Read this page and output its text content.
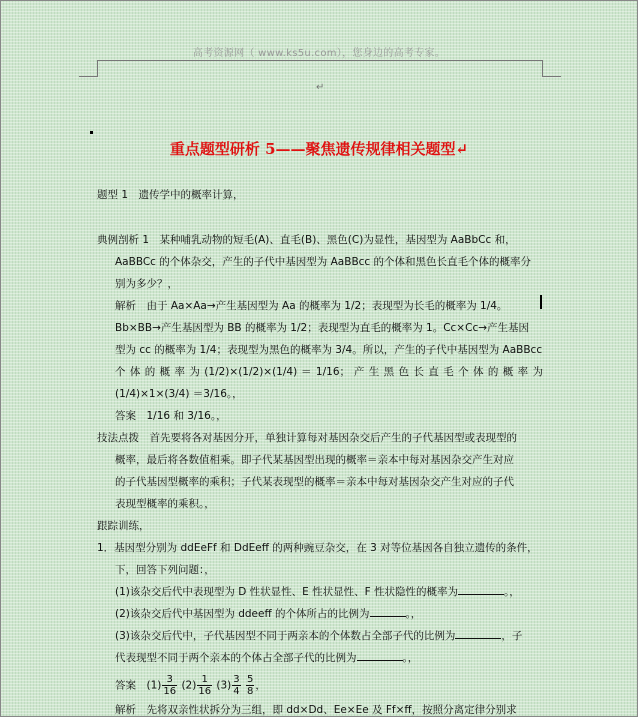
高考资源网（ www.ks5u.com），您身边的高考专家。
↵
重点题型研析 5——聚焦遗传规律相关题型↵
题型 1　遗传学中的概率计算，
典例剖析 1　某种哺乳动物的短毛(A)、直毛(B)、黑色(C)为显性，基因型为 AaBbCc 和，
AaBBCc 的个体杂交，产生的子代中基因型为 AaBBcc 的个体和黑色长直毛个体的概率分
别为多少？，
解析　由于 Aa×Aa→产生基因型为 Aa 的概率为 1/2；表现型为长毛的概率为 1/4。
Bb×BB→产生基因型为 BB 的概率为 1/2；表现型为直毛的概率为 1。Cc×Cc→产生基因
型为 cc 的概率为 1/4；表现型为黑色的概率为 3/4。所以，产生的子代中基因型为 AaBBcc
个 体 的 概 率 为 (1/2)×(1/2)×(1/4) ＝ 1/16； 产 生 黑 色 长 直 毛 个 体 的 概 率 为
(1/4)×1×(3/4) ＝3/16。，
答案　1/16 和 3/16。，
技法点拨　首先要将各对基因分开，单独计算每对基因杂交后产生的子代基因型或表现型的
概率，最后将各数值相乘。即子代某基因型出现的概率＝亲本中每对基因杂交产生对应
的子代基因型概率的乘积；子代某表现型的概率＝亲本中每对基因杂交产生对应的子代
表现型概率的乘积。，
跟踪训练，
1．基因型分别为 ddEeFf 和 DdEeff 的两种豌豆杂交，在 3 对等位基因各自独立遗传的条件，
下，回答下列问题：，
(1)该杂交后代中表现型为 D 性状显性、E 性状显性、F 性状隐性的概率为	。，
(2)该杂交后代中基因型为 ddeeff 的个体所占的比例为	。，
(3)该杂交后代中，子代基因型不同于两亲本的个体数占全部子代的比例为	，子
代表现型不同于两个亲本的个体占全部子代的比例为	。，
答案　$(1) \frac{3}{16} (2) \frac{1}{16} (3) \frac{3}{4}$
$\frac{5}{8}$ ，
解析　先将双亲性状拆分为三组，即 dd×Dd、Ee×Ee 及 Ff×ff，按照分离定律分别求
